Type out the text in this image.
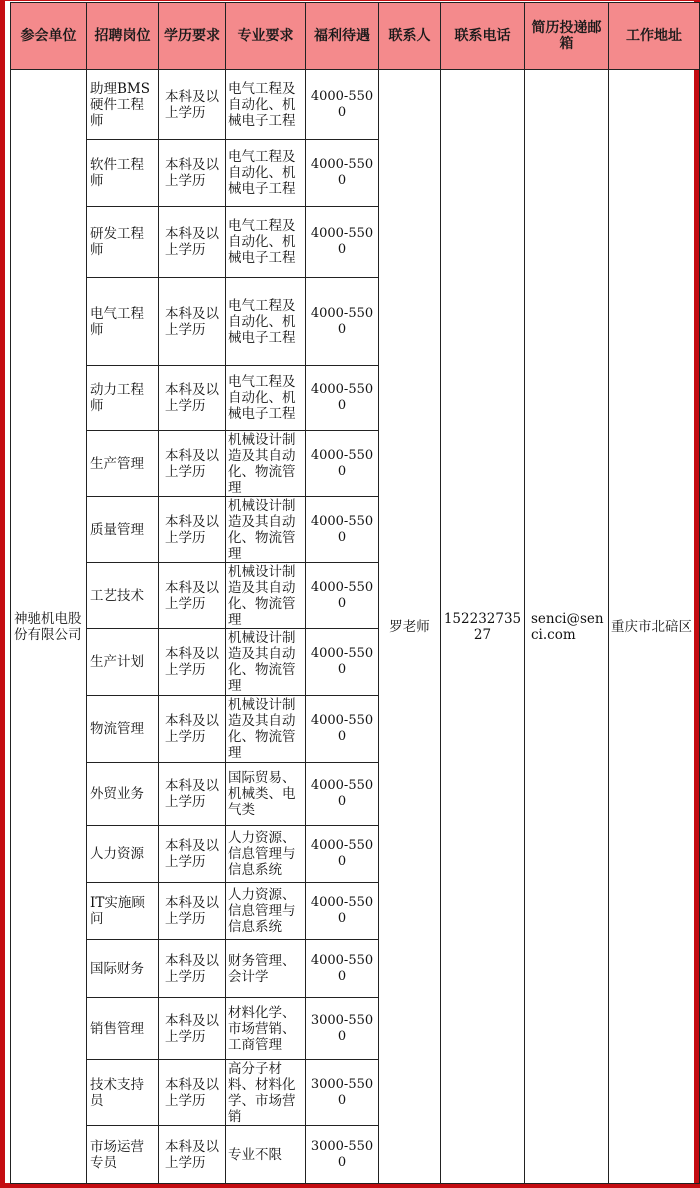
参会单位	招聘岗位	学历要求	专业要求	福利待遇	联系人	联系电话	简历投递邮箱	工作地址
神驰机电股份有限公司	助理BMS硬件工程师	本科及以上学历	电气工程及自动化、机械电子工程	4000-5500	罗老师	15223273527	senci@senci.com	重庆市北碚区
	软件工程师	本科及以上学历	电气工程及自动化、机械电子工程	4000-5500				
	研发工程师	本科及以上学历	电气工程及自动化、机械电子工程	4000-5500				
	电气工程师	本科及以上学历	电气工程及自动化、机械电子工程	4000-5500				
	动力工程师	本科及以上学历	电气工程及自动化、机械电子工程	4000-5500				
	生产管理	本科及以上学历	机械设计制造及其自动化、物流管理	4000-5500				
	质量管理	本科及以上学历	机械设计制造及其自动化、物流管理	4000-5500				
	工艺技术	本科及以上学历	机械设计制造及其自动化、物流管理	4000-5500				
	生产计划	本科及以上学历	机械设计制造及其自动化、物流管理	4000-5500				
	物流管理	本科及以上学历	机械设计制造及其自动化、物流管理	4000-5500				
	外贸业务	本科及以上学历	国际贸易、机械类、电气类	4000-5500				
	人力资源	本科及以上学历	人力资源、信息管理与信息系统	4000-5500				
	IT实施顾问	本科及以上学历	人力资源、信息管理与信息系统	4000-5500				
	国际财务	本科及以上学历	财务管理、会计学	4000-5500				
	销售管理	本科及以上学历	材料化学、市场营销、工商管理	3000-5500				
	技术支持员	本科及以上学历	高分子材料、材料化学、市场营销	3000-5500				
	市场运营专员	本科及以上学历	专业不限	3000-5500				
